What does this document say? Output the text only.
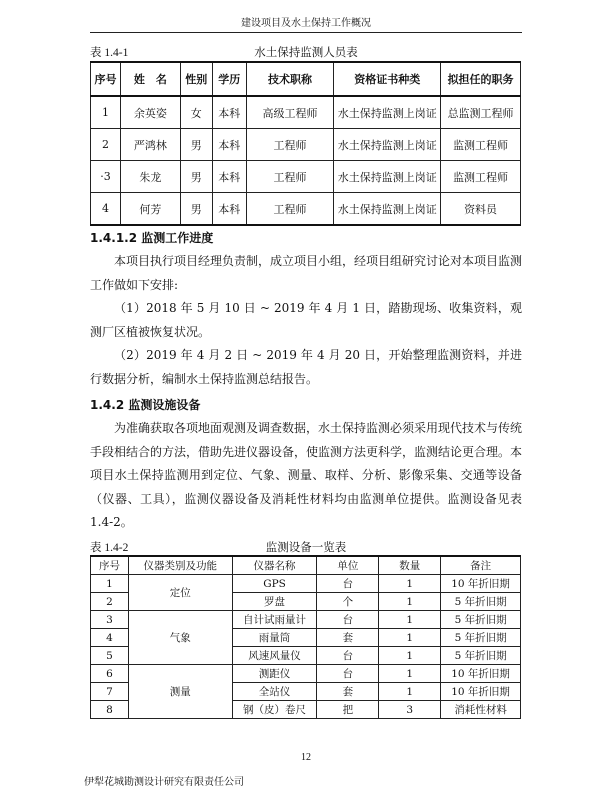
建设项目及水土保持工作概况
表 1.4-1	水土保持监测人员表
序号	姓　名	性别	学历	技术职称	资格证书种类	拟担任的职务
1	余英姿	女	本科	高级工程师	水土保持监测上岗证	总监测工程师
2	严鸿林	男	本科	工程师	水土保持监测上岗证	监测工程师
·3	朱龙	男	本科	工程师	水土保持监测上岗证	监测工程师
4	何芳	男	本科	工程师	水土保持监测上岗证	资料员
1.4.1.2 监测工作进度
本项目执行项目经理负责制，成立项目小组，经项目组研究讨论对本项目监测工作做如下安排:
（1）2018 年 5 月 10 日 ~ 2019 年 4 月 1 日，踏勘现场、收集资料，观测厂区植被恢复状况。
（2）2019 年 4 月 2 日 ~ 2019 年 4 月 20 日，开始整理监测资料，并进行数据分析，编制水土保持监测总结报告。
1.4.2 监测设施设备
为准确获取各项地面观测及调查数据，水土保持监测必须采用现代技术与传统手段相结合的方法，借助先进仪器设备，使监测方法更科学，监测结论更合理。本项目水土保持监测用到定位、气象、测量、取样、分析、影像采集、交通等设备（仪器、工具），监测仪器设备及消耗性材料均由监测单位提供。监测设备见表 1.4-2。
表 1.4-2	监测设备一览表
序号	仪器类别及功能	仪器名称	单位	数量	备注
1	定位	GPS	台	1	10 年折旧期
2		罗盘	个	1	5 年折旧期
3	气象	自计试雨量计	台	1	5 年折旧期
4		雨量筒	套	1	5 年折旧期
5		风速风量仪	台	1	5 年折旧期
6	测量	测距仪	台	1	10 年折旧期
7		全站仪	套	1	10 年折旧期
8		钢（皮）卷尺	把	3	消耗性材料
12
伊犁花城勘测设计研究有限责任公司
